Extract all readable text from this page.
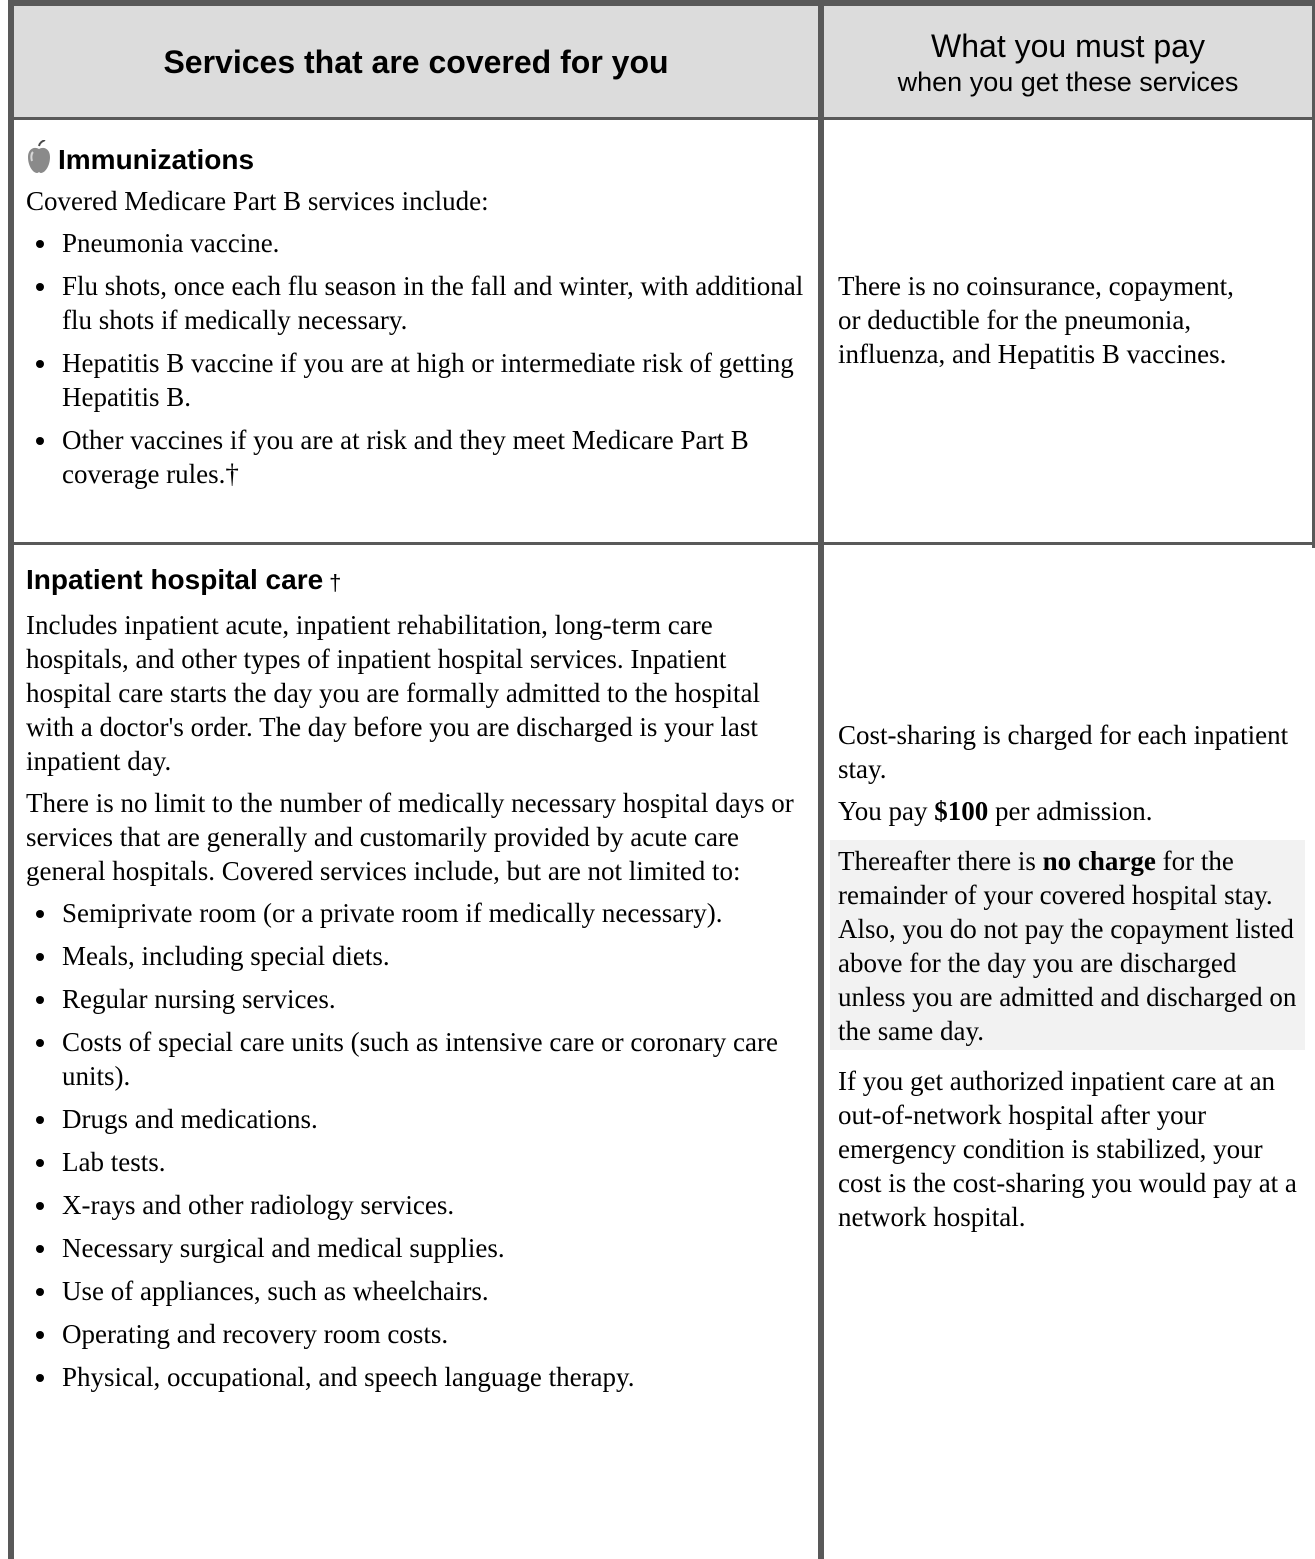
Services that are covered for you	What you must pay
when you get these services
Immunizations

Covered Medicare Part B services include:

Pneumonia vaccine.
Flu shots, once each flu season in the fall and winter, with additional flu shots if medically necessary.
Hepatitis B vaccine if you are at high or intermediate risk of getting Hepatitis B.
Other vaccines if you are at risk and they meet Medicare Part B coverage rules.†

There is no coinsurance, copayment, or deductible for the pneumonia, influenza, and Hepatitis B vaccines.

Inpatient hospital care †

Includes inpatient acute, inpatient rehabilitation, long-term care hospitals, and other types of inpatient hospital services. Inpatient hospital care starts the day you are formally admitted to the hospital with a doctor's order. The day before you are discharged is your last inpatient day.

There is no limit to the number of medically necessary hospital days or services that are generally and customarily provided by acute care general hospitals. Covered services include, but are not limited to:

Semiprivate room (or a private room if medically necessary).
Meals, including special diets.
Regular nursing services.
Costs of special care units (such as intensive care or coronary care units).
Drugs and medications.
Lab tests.
X-rays and other radiology services.
Necessary surgical and medical supplies.
Use of appliances, such as wheelchairs.
Operating and recovery room costs.
Physical, occupational, and speech language therapy.

Cost-sharing is charged for each inpatient stay.

You pay $100 per admission.

Thereafter there is no charge for the remainder of your covered hospital stay. Also, you do not pay the copayment listed above for the day you are discharged unless you are admitted and discharged on the same day.

If you get authorized inpatient care at an out-of-network hospital after your emergency condition is stabilized, your cost is the cost-sharing you would pay at a network hospital.
